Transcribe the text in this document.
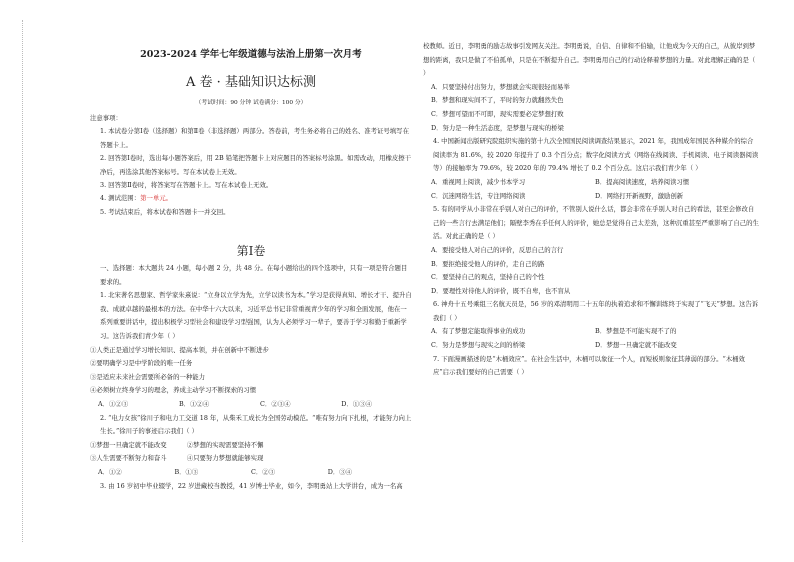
2023-2024 学年七年级道德与法治上册第一次月考
A 卷 · 基础知识达标测
（考试时间：90 分钟 试卷满分：100 分）
注意事项：
1. 本试卷分第Ⅰ卷（选择题）和第Ⅱ卷（非选择题）两部分。答卷前，考生务必将自己的姓名、准考证号填写在答题卡上。
2. 回答第Ⅰ卷时，选出每小题答案后，用 2B 铅笔把答题卡上对应题目的答案标号涂黑。如需改动，用橡皮擦干净后，再选涂其他答案标号。写在本试卷上无效。
3. 回答第Ⅱ卷时，将答案写在答题卡上。写在本试卷上无效。
4. 测试范围：第一单元。
5. 考试结束后，将本试卷和答题卡一并交回。
第Ⅰ卷
一、选择题：本大题共 24 小题，每小题 2 分，共 48 分。在每小题给出的四个选项中，只有一项是符合题目要求的。
1. 北宋著名思想家、哲学家朱熹说：“立身以立学为先，立学以读书为本。”学习是获得真知、增长才干、提升自我、成就卓越的最根本的方法。在中华十六大以来，习近平总书记非常重视青少年的学习和全面发展，他在一系列重要讲话中，提出积极学习型社会和建设学习型强国，认为人必须学习一辈子，要善于学习和勤于重新学习。这告诉我们青少年（ ）
①人类正是通过学习增长知识、提高本领，并在创新中不断进步
②要明确学习是中学阶段的唯一任务
③是适应未来社会需要所必备的一种能力
④必须树立终身学习的理念，养成主动学习不断探索的习惯
A．①②③	B．①②④	C．②③④	D．①③④
2. “电力女孩”徐川子和电力工交道 18 年，从柴禾工成长为全国劳动模范。“唯有努力向下扎根，才能努力向上生长。”徐川子的事迹启示我们（ ）
①梦想一旦确定就不能改变	②梦想的实现需要坚持不懈
③人生需要不断努力和奋斗	④只要努力梦想就能够实现
A．①②	B．①③	C．②③	D．③④
3. 由 16 岁初中毕业辍学，22 岁进藏校当教授，41 岁博士毕业，如今，李明勇站上大学讲台，成为一名高
校教师。近日，李明勇的励志故事引发网友关注。李明勇说，自信、自律和不伯输，让他成为今天的自己，从彼岸到梦想的距离，我只是做了不伯孤单，只是在不断提升自己。李明勇用自己的行动诠释着梦想的力量。对此理解正确的是（ ）
A．只要坚持付出努力，梦想就会实现很轻而易举
B．梦想和现实间不了，平时的努力就翻然失色
C．梦想可望而不可即，现实需要必定梦想打败
D．努力是一种生活态度，是梦想与现实的桥梁
4. 中国新闻出版研究院组织实施的第十九次全国国民阅读调查结果显示，2021 年，我国成年国民各种媒介的综合阅读率为 81.6%，较 2020 年提升了 0.3 个百分点；数字化阅读方式（网络在线阅读、手机阅读、电子阅读器阅读等）的接触率为 79.6%，较 2020 年的 79.4% 增长了 0.2 个百分点。这启示我们青少年（ ）
A．重视网上阅读，减少书本学习	B．提高阅读速度，培养阅读习惯
C．沉迷网络生活，专注网络阅读	D．网络打开新视野，激励创新
5. 有的同学从小非常在乎别人对自己的评价，不管别人说什么话，都会非常在乎别人对自己的看法，甚至会修改自己的一些言行去满足他们；隔壁李秀在乎任何人的评价，她总是觉得自己太差劲，这种沉重甚至严重影响了自己的生活。对此正确的是（ ）
A．要接受他人对自己的评价，反思自己的言行
B．要拒绝接受他人的评价，走自己的路
C．要坚持自己的观点，坚持自己的个性
D．要理性对待他人的评价，既不自卑，也不盲从
6. 神舟十五号乘组三名航天员是，56 岁的邓清明用二十五年的执着追求和不懈训练终于实现了“飞天”梦想。这告诉我们（ ）
A．有了梦想定能取得事业的成功	B．梦想是不可能实现不了的
C．努力是梦想与现实之间的桥梁	D．梦想一旦确定就不能改变
7. 下面漫画描述的是“木桶效应”。在社会生活中，木桶可以象征一个人，而短板则象征其薄弱的部分。“木桶效应”启示我们要好的自己需要（ ）
